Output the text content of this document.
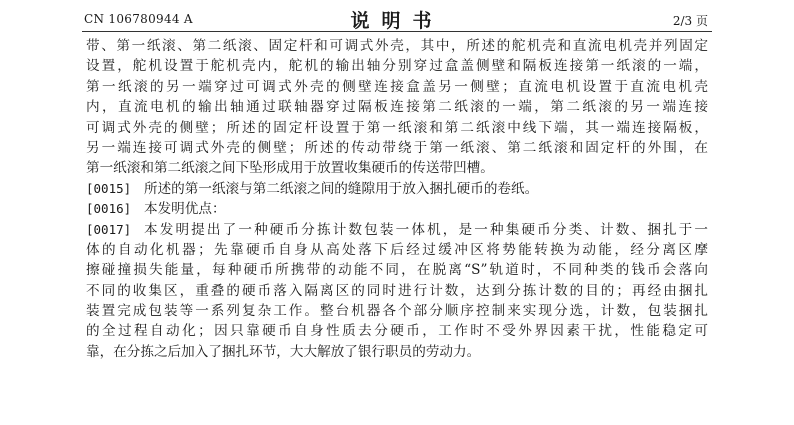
CN 106780944 A	说明书	2/3 页
带、第一纸滚、第二纸滚、固定杆和可调式外壳，其中，所述的舵机壳和直流电机壳并列固定
设置，舵机设置于舵机壳内，舵机的输出轴分别穿过盒盖侧壁和隔板连接第一纸滚的一端，
第一纸滚的另一端穿过可调式外壳的侧壁连接盒盖另一侧壁；直流电机设置于直流电机壳
内，直流电机的输出轴通过联轴器穿过隔板连接第二纸滚的一端，第二纸滚的另一端连接
可调式外壳的侧壁；所述的固定杆设置于第一纸滚和第二纸滚中线下端，其一端连接隔板，
另一端连接可调式外壳的侧壁；所述的传动带绕于第一纸滚、第二纸滚和固定杆的外围，在
第一纸滚和第二纸滚之间下坠形成用于放置收集硬币的传送带凹槽。
[0015] 所述的第一纸滚与第二纸滚之间的缝隙用于放入捆扎硬币的卷纸。
[0016] 本发明优点：
[0017] 本发明提出了一种硬币分拣计数包装一体机，是一种集硬币分类、计数、捆扎于一
体的自动化机器；先靠硬币自身从高处落下后经过缓冲区将势能转换为动能，经分离区摩
擦碰撞损失能量，每种硬币所携带的动能不同，在脱离“S”轨道时，不同种类的钱币会落向
不同的收集区，重叠的硬币落入隔离区的同时进行计数，达到分拣计数的目的；再经由捆扎
装置完成包装等一系列复杂工作。整台机器各个部分顺序控制来实现分选，计数，包装捆扎
的全过程自动化；因只靠硬币自身性质去分硬币，工作时不受外界因素干扰，性能稳定可
靠，在分拣之后加入了捆扎环节，大大解放了银行职员的劳动力。
